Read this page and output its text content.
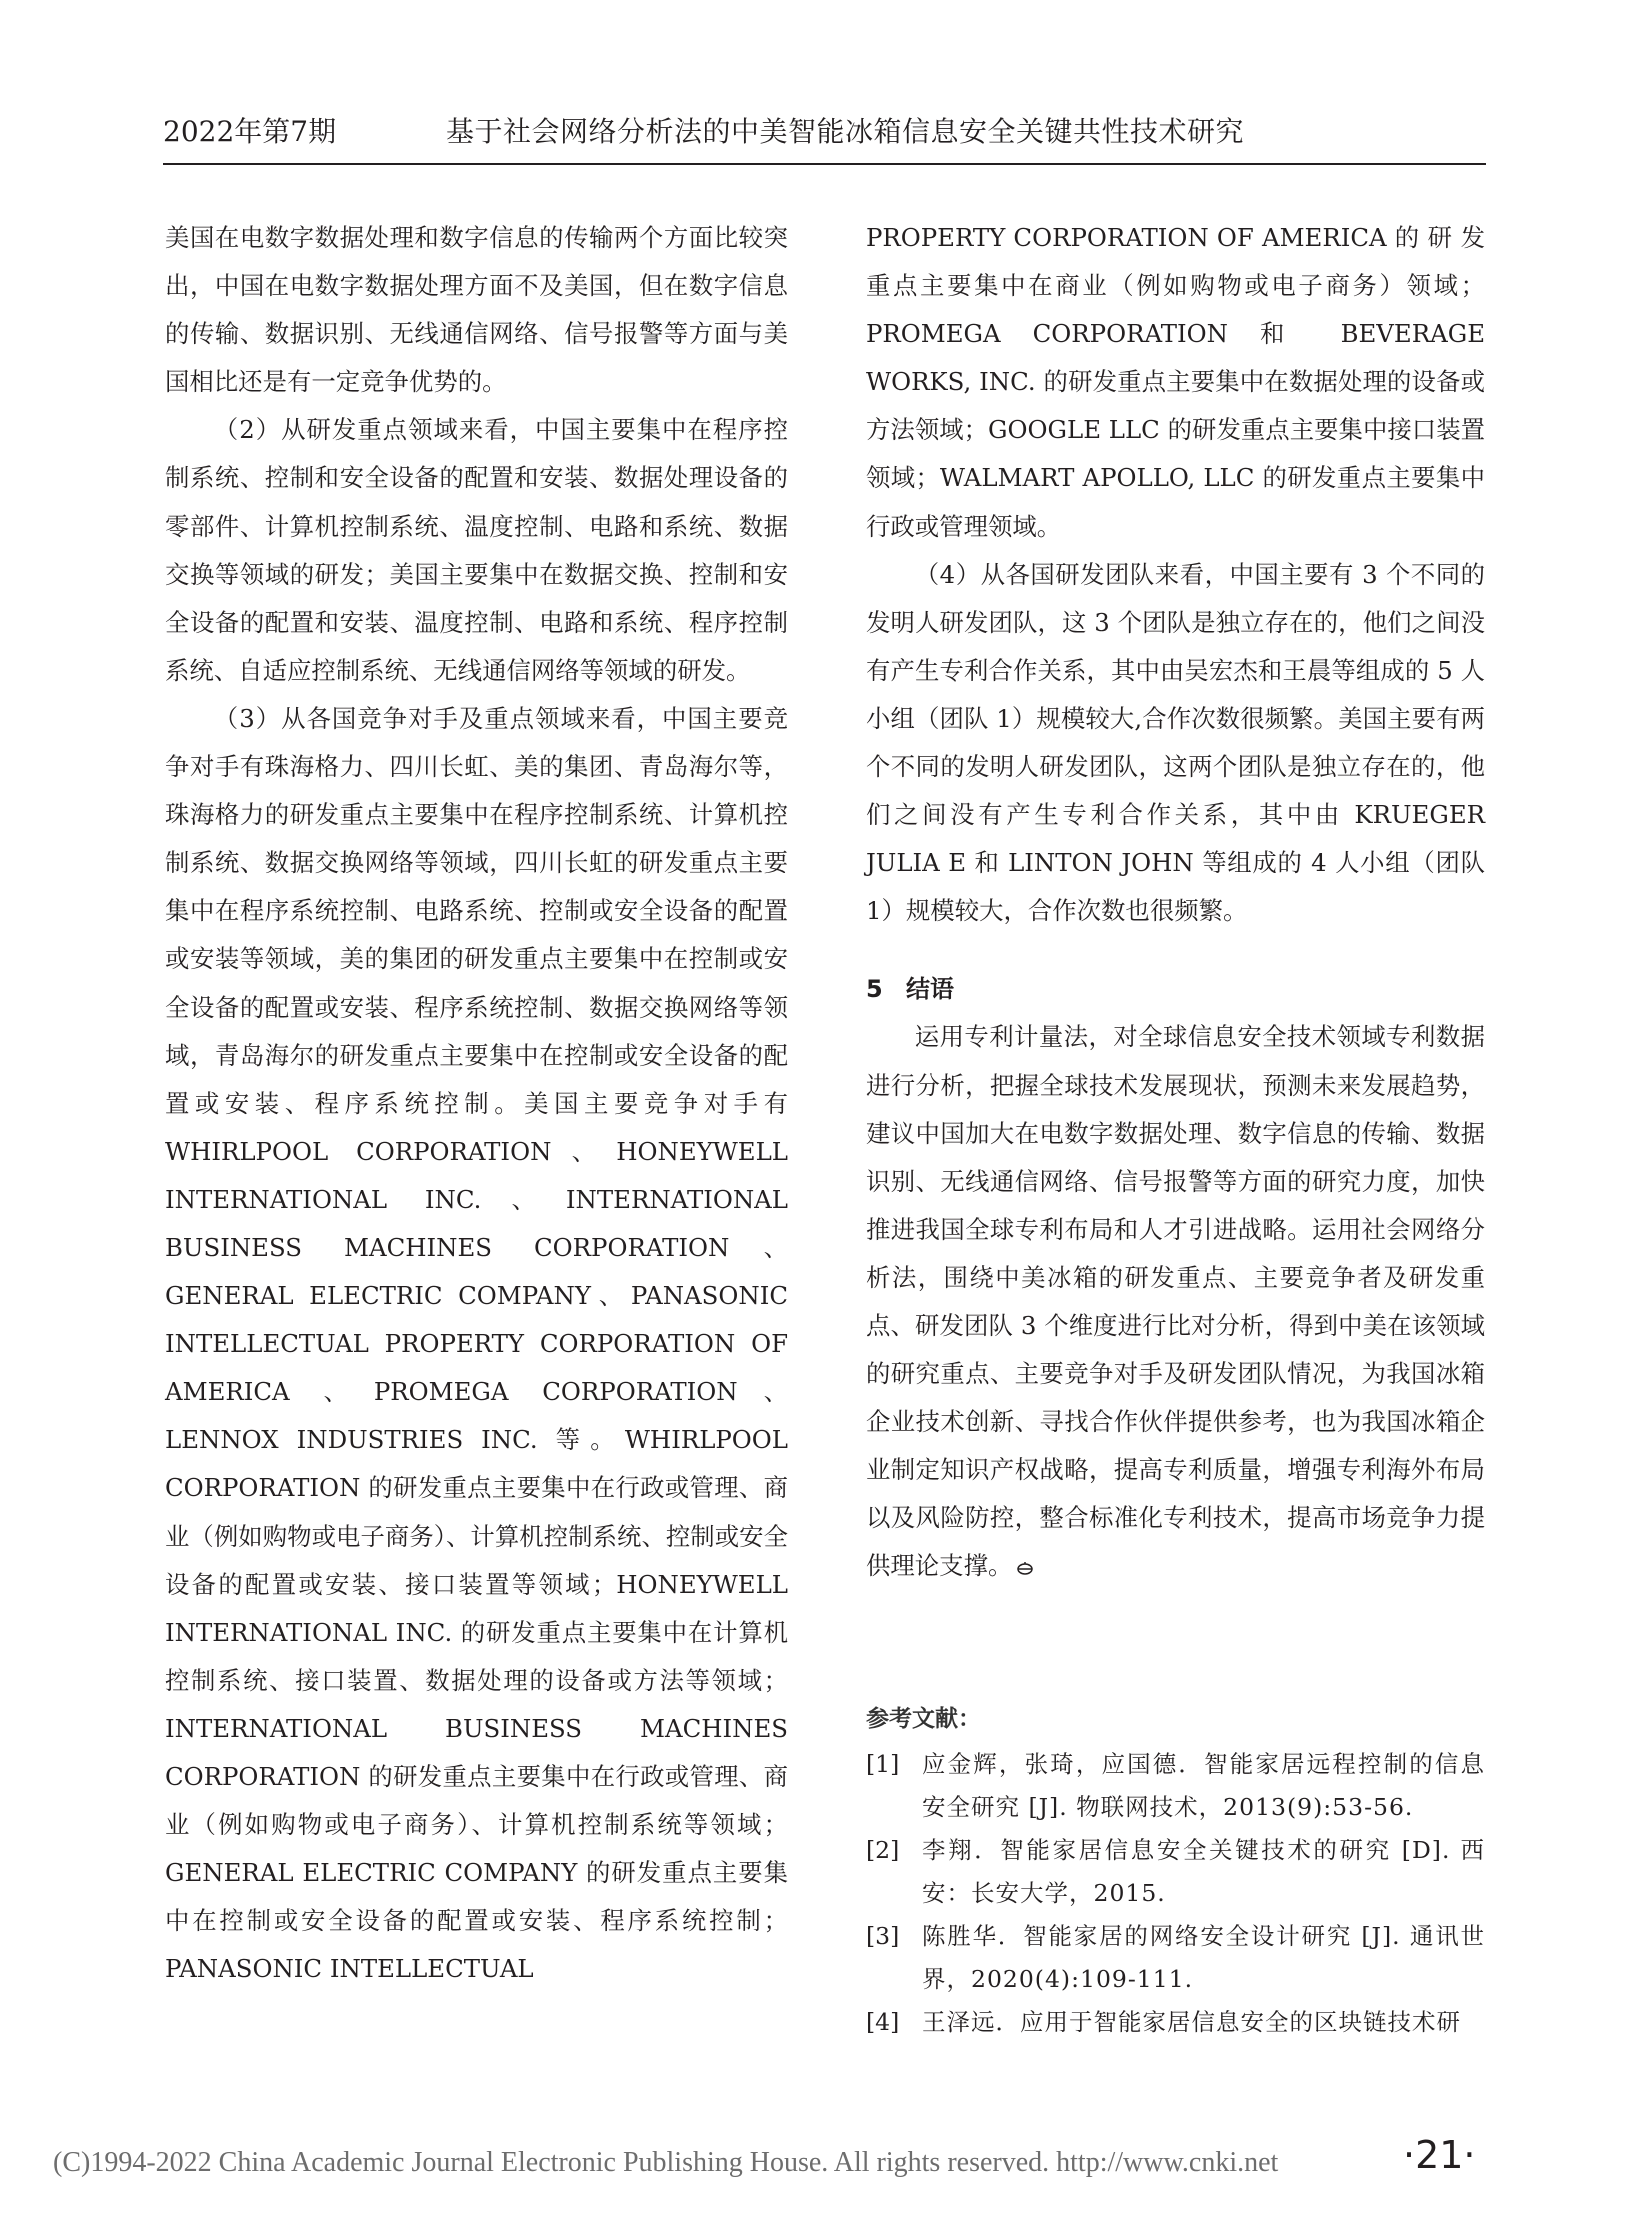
2022年第7期	基于社会网络分析法的中美智能冰箱信息安全关键共性技术研究

美国在电数字数据处理和数字信息的传输两个方面比较突出，中国在电数字数据处理方面不及美国，但在数字信息的传输、数据识别、无线通信网络、信号报警等方面与美国相比还是有一定竞争优势的。

（2）从研发重点领域来看，中国主要集中在程序控制系统、控制和安全设备的配置和安装、数据处理设备的零部件、计算机控制系统、温度控制、电路和系统、数据交换等领域的研发；美国主要集中在数据交换、控制和安全设备的配置和安装、温度控制、电路和系统、程序控制系统、自适应控制系统、无线通信网络等领域的研发。

（3）从各国竞争对手及重点领域来看，中国主要竞争对手有珠海格力、四川长虹、美的集团、青岛海尔等，珠海格力的研发重点主要集中在程序控制系统、计算机控制系统、数据交换网络等领域，四川长虹的研发重点主要集中在程序系统控制、电路系统、控制或安全设备的配置或安装等领域，美的集团的研发重点主要集中在控制或安全设备的配置或安装、程序系统控制、数据交换网络等领域，青岛海尔的研发重点主要集中在控制或安全设备的配置或安装、程序系统控制。美国主要竞争对手有 WHIRLPOOL CORPORATION、HONEYWELL INTERNATIONAL INC.、INTERNATIONAL BUSINESS MACHINES CORPORATION、GENERAL ELECTRIC COMPANY、PANASONIC INTELLECTUAL PROPERTY CORPORATION OF AMERICA 、PROMEGA CORPORATION、LENNOX INDUSTRIES INC. 等。WHIRLPOOL CORPORATION 的研发重点主要集中在行政或管理、商业（例如购物或电子商务）、计算机控制系统、控制或安全设备的配置或安装、接口装置等领域；HONEYWELL INTERNATIONAL INC. 的研发重点主要集中在计算机控制系统、接口装置、数据处理的设备或方法等领域；INTERNATIONAL BUSINESS MACHINES CORPORATION 的研发重点主要集中在行政或管理、商业（例如购物或电子商务）、计算机控制系统等领域；GENERAL ELECTRIC COMPANY 的研发重点主要集中在控制或安全设备的配置或安装、程序系统控制；PANASONIC INTELLECTUAL

PROPERTY CORPORATION OF AMERICA 的 研 发重点主要集中在商业（例如购物或电子商务）领域；PROMEGA CORPORATION 和 BEVERAGE WORKS, INC. 的研发重点主要集中在数据处理的设备或方法领域；GOOGLE LLC 的研发重点主要集中接口装置领域；WALMART APOLLO, LLC 的研发重点主要集中行政或管理领域。

（4）从各国研发团队来看，中国主要有 3 个不同的发明人研发团队，这 3 个团队是独立存在的，他们之间没有产生专利合作关系，其中由吴宏杰和王晨等组成的 5 人小组（团队 1）规模较大,合作次数很频繁。美国主要有两个不同的发明人研发团队，这两个团队是独立存在的，他们之间没有产生专利合作关系，其中由 KRUEGER JULIA E 和 LINTON JOHN 等组成的 4 人小组（团队 1）规模较大，合作次数也很频繁。

5 结语

运用专利计量法，对全球信息安全技术领域专利数据进行分析，把握全球技术发展现状，预测未来发展趋势，建议中国加大在电数字数据处理、数字信息的传输、数据识别、无线通信网络、信号报警等方面的研究力度，加快推进我国全球专利布局和人才引进战略。运用社会网络分析法，围绕中美冰箱的研发重点、主要竞争者及研发重点、研发团队 3 个维度进行比对分析，得到中美在该领域的研究重点、主要竞争对手及研发团队情况，为我国冰箱企业技术创新、寻找合作伙伴提供参考，也为我国冰箱企业制定知识产权战略，提高专利质量，增强专利海外布局以及风险防控，整合标准化专利技术，提高市场竞争力提供理论支撑。

参考文献：
[1] 应金辉，张琦，应国德．智能家居远程控制的信息安全研究 [J]. 物联网技术，2013(9):53-56.
[2] 李翔．智能家居信息安全关键技术的研究 [D]. 西安：长安大学，2015.
[3] 陈胜华．智能家居的网络安全设计研究 [J]. 通讯世界，2020(4):109-111.
[4] 王泽远．应用于智能家居信息安全的区块链技术研
·21·
(C)1994-2022 China Academic Journal Electronic Publishing House. All rights reserved. http://www.cnki.net
